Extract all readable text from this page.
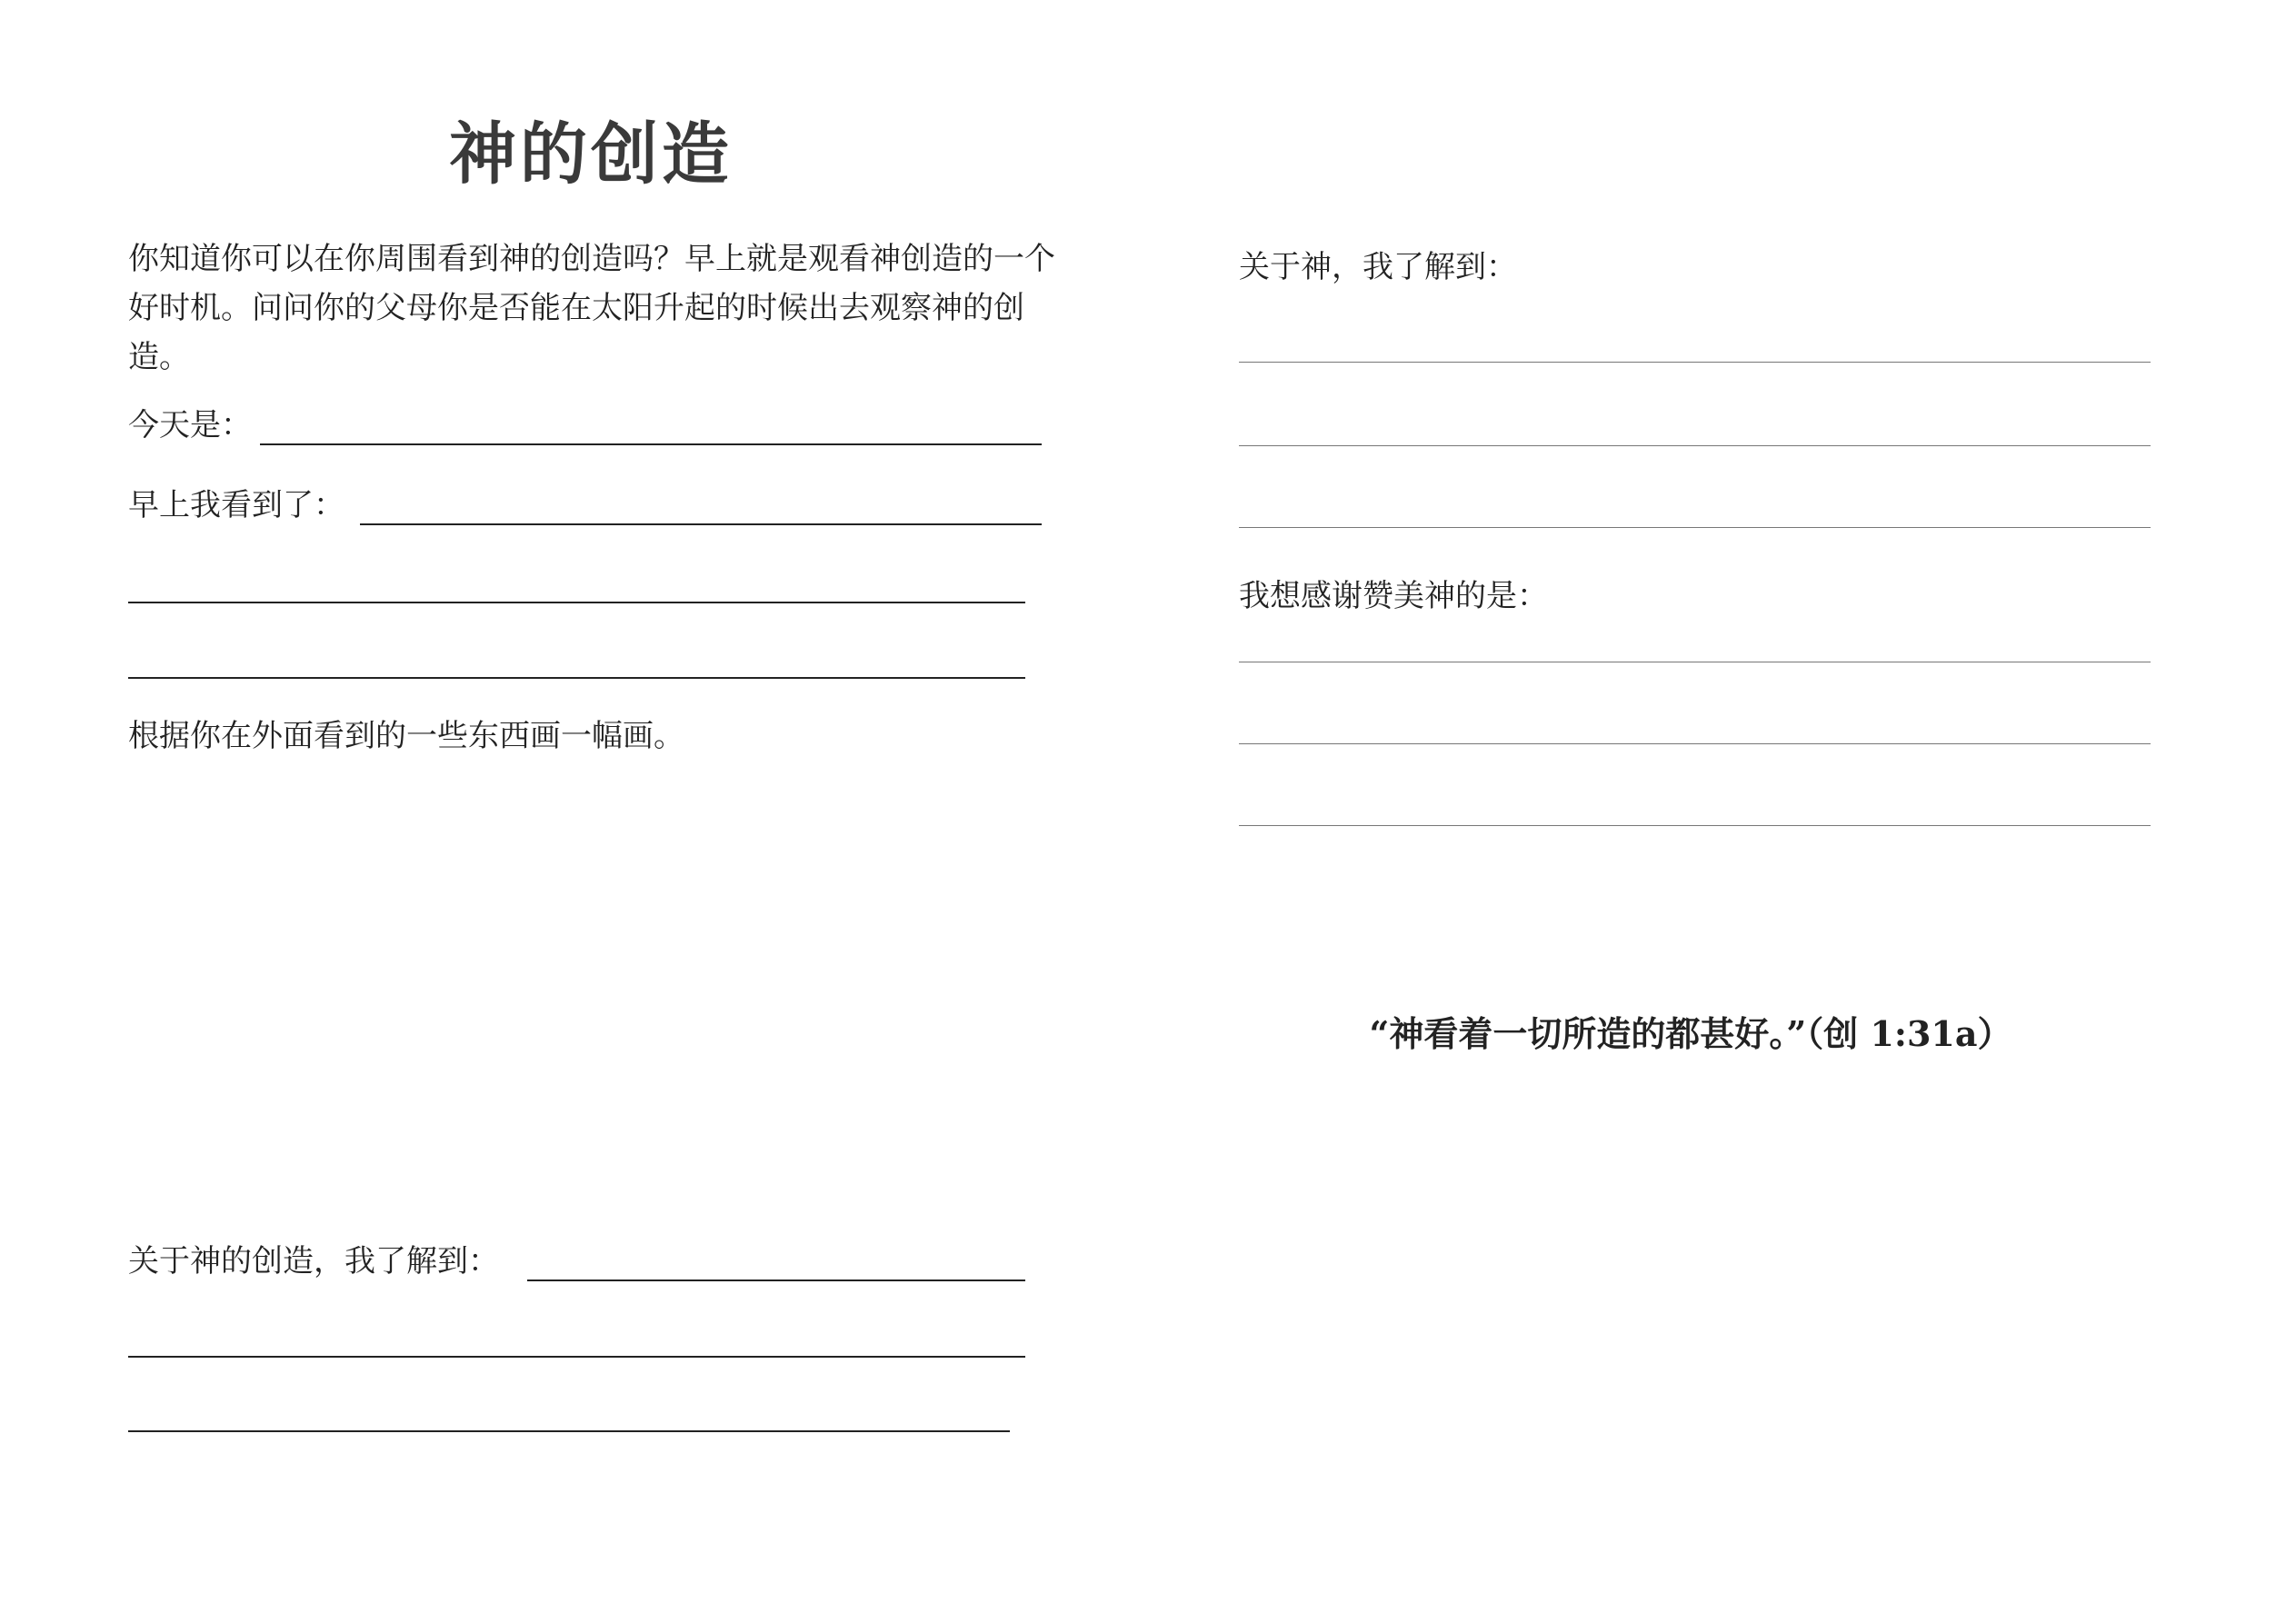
神的创造

你知道你可以在你周围看到神的创造吗？早上就是观看神创造的一个好时机。问问你的父母你是否能在太阳升起的时候出去观察神的创造。

今天是：
早上我看到了：
根据你在外面看到的一些东西画一幅画。
关于神的创造，我了解到：
关于神，我了解到：
我想感谢赞美神的是：
“神看着一切所造的都甚好。”（创 1:31a）
